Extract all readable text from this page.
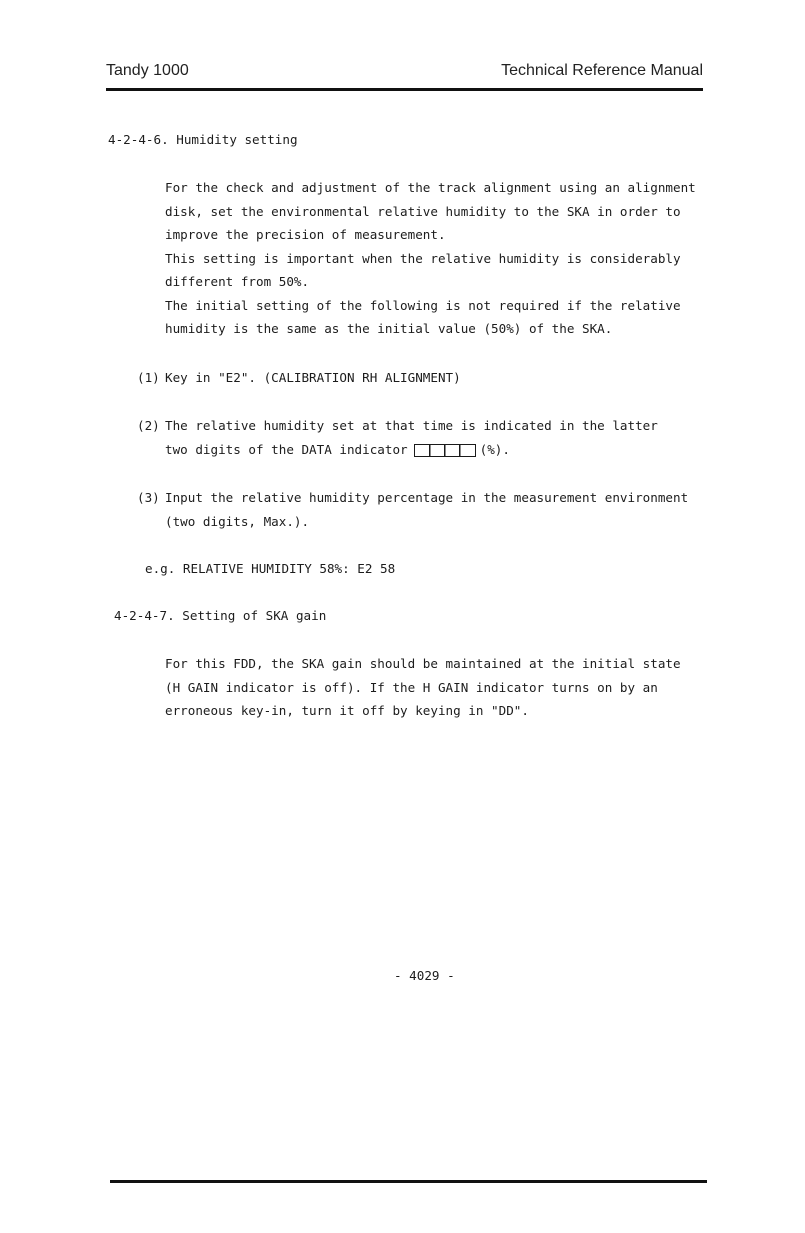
Tandy 1000	Technical Reference Manual
4-2-4-6. Humidity setting
For the check and adjustment of the track alignment using an alignment
disk, set the environmental relative humidity to the SKA in order to
improve the precision of measurement.
This setting is important when the relative humidity is considerably
different from 50%.
The initial setting of the following is not required if the relative
humidity is the same as the initial value (50%) of the SKA.
(1) Key in "E2". (CALIBRATION RH ALIGNMENT)
(2) The relative humidity set at that time is indicated in the latter
two digits of the DATA indicator	(%).
(3) Input the relative humidity percentage in the measurement environment
(two digits, Max.).
e.g. RELATIVE HUMIDITY 58%: E2 58
4-2-4-7. Setting of SKA gain
For this FDD, the SKA gain should be maintained at the initial state
(H GAIN indicator is off). If the H GAIN indicator turns on by an
erroneous key-in, turn it off by keying in "DD".
- 4029 -
